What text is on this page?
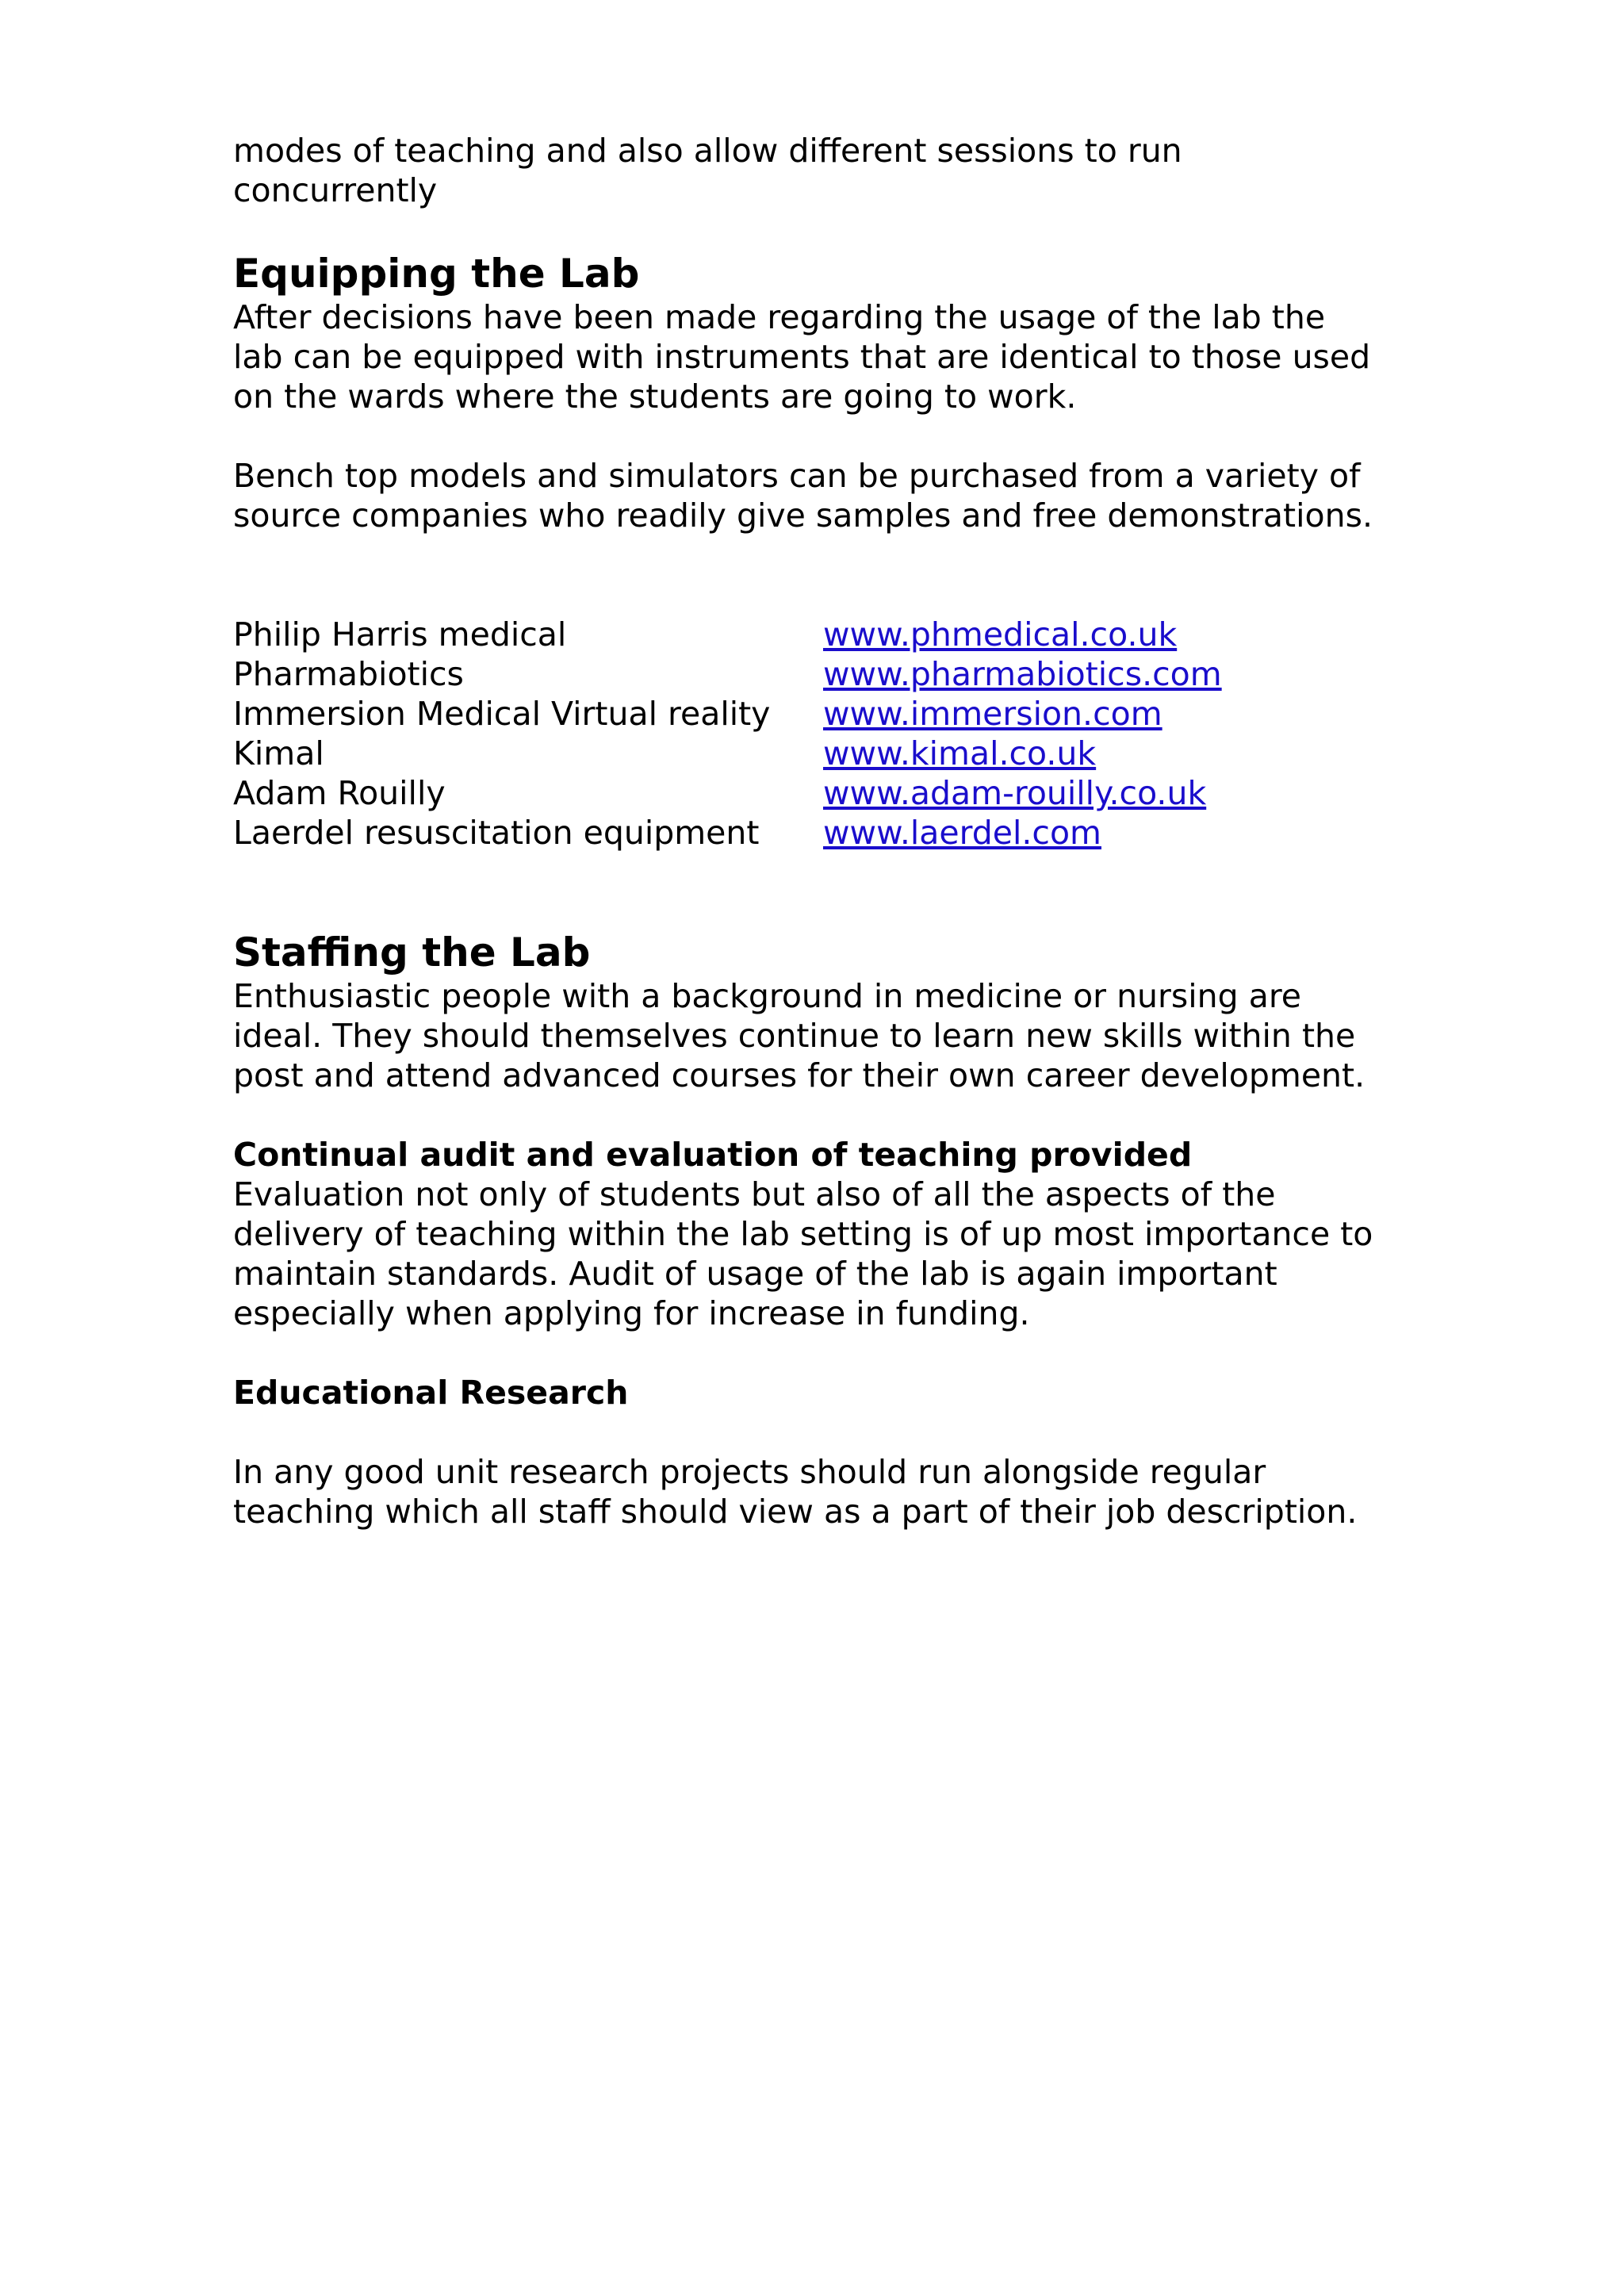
modes of teaching and also allow different sessions to run
concurrently

Equipping the Lab

After decisions have been made regarding the usage of the lab the
lab can be equipped with instruments that are identical to those used
on the wards where the students are going to work.

Bench top models and simulators can be purchased from a variety of
source companies who readily give samples and free demonstrations.

Philip Harris medical	www.phmedical.co.uk
Pharmabiotics	www.pharmabiotics.com
Immersion Medical Virtual reality	www.immersion.com
Kimal	www.kimal.co.uk
Adam Rouilly	www.adam-rouilly.co.uk
Laerdel resuscitation equipment	www.laerdel.com
Staffing the Lab

Enthusiastic people with a background in medicine or nursing are
ideal. They should themselves continue to learn new skills within the
post and attend advanced courses for their own career development.

Continual audit and evaluation of teaching provided

Evaluation not only of students but also of all the aspects of the
delivery of teaching within the lab setting is of up most importance to
maintain standards. Audit of usage of the lab is again important
especially when applying for increase in funding.

Educational Research

In any good unit research projects should run alongside regular
teaching which all staff should view as a part of their job description.
